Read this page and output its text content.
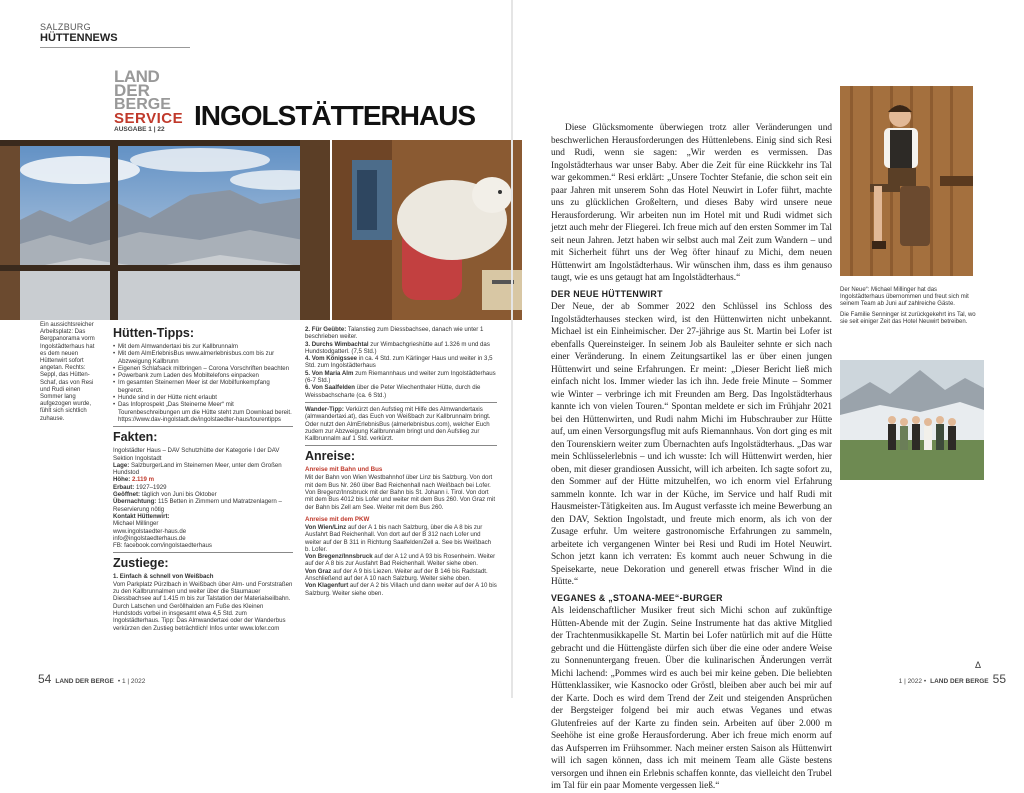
SALZBURG
HÜTTENNEWS
LAND
DER
BERGE
SERVICE
AUSGABE 1 | 22	INGOLSTÄTTERHAUS
Ein aussichtsreicher Arbeitsplatz: Das Bergpanorama vorm Ingolstädterhaus hat es dem neuen Hüttenwirt sofort angetan. Rechts: Seppl, das Hütten-Schaf, das von Resi und Rudi einen Sommer lang aufgezogen wurde, fühlt sich sichtlich zuhause.
Hütten-Tipps:
• Mit dem Almwandertaxi bis zur Kallbrunnalm
• Mit dem AlmErlebnisBus www.almerlebnisbus.com bis zur Abzweigung Kallbrunn
• Eigenen Schlafsack mitbringen – Corona Vorschriften beachten
• Powerbank zum Laden des Mobiltelefons einpacken
• Im gesamten Steinernen Meer ist der Mobilfunkempfang begrenzt.
• Hunde sind in der Hütte nicht erlaubt
• Das Infoprospekt „Das Steinerne Meer“ mit Tourenbeschreibungen um die Hütte steht zum Download bereit. https://www.dav-ingolstadt.de/ingolstaedter-haus/tourentipps
Fakten:
Ingolstädter Haus – DAV Schutzhütte der Kategorie I der DAV Sektion Ingolstadt
Lage: SalzburgerLand im Steinernen Meer, unter dem Großen Hundstod
Höhe: 2.119 m
Erbaut: 1927–1929
Geöffnet: täglich von Juni bis Oktober
Übernachtung: 115 Betten in Zimmern und Matratzenlagern – Reservierung nötig
Kontakt Hüttenwirt:
Michael Millinger
www.ingolstaedter-haus.de
info@ingolstaedterhaus.de
FB: facebook.com/ingolstaedterhaus
Zustiege:
1. Einfach & schnell von Weißbach
Vom Parkplatz Pürzlbach in Weißbach über Alm- und Forststraßen zu den Kallbrunnalmen und weiter über die Staumauer Diessbachsee auf 1.415 m bis zur Talstation der Materialseilbahn. Durch Latschen und Geröllhalden am Fuße des Kleinen Hundstods vorbei in insgesamt etwa 4,5 Std. zum Ingolstädterhaus. Tipp: Das Almwandertaxi oder der Wanderbus verkürzen den Zustieg beträchtlich! Infos unter www.lofer.com
2. Für Geübte: Talanstieg zum Diessbachsee, danach wie unter 1 beschrieben weiter.
3. Durchs Wimbachtal zur Wimbachgrieshütte auf 1.326 m und das Hundstodgatterl. (7,5 Std.)
4. Vom Königssee in ca. 4 Std. zum Kärlinger Haus und weiter in 3,5 Std. zum Ingolstädterhaus
5. Von Maria Alm zum Riemannhaus und weiter zum Ingolstädterhaus (6-7 Std.)
6. Von Saalfelden über die Peter Wiechenthaler Hütte, durch die Weissbachscharte (ca. 6 Std.)
Wander-Tipp: Verkürzt den Aufstieg mit Hilfe des Almwandertaxis (almwandertaxi.at), das Euch von Weißbach zur Kallbrunnalm bringt. Oder nutzt den AlmErlebnisBus (almerlebnisbus.com), welcher Euch zudem zur Abzweigung Kallbrunnalm bringt und den Aufstieg zur Kallbrunnalm auf 1 Std. verkürzt.
Anreise:
Anreise mit Bahn und Bus
Mit der Bahn von Wien Westbahnhof über Linz bis Salzburg. Von dort mit dem Bus Nr. 260 über Bad Reichenhall nach Weißbach bei Lofer. Von Bregenz/Innsbruck mit der Bahn bis St. Johann i. Tirol. Von dort mit dem Bus 4012 bis Lofer und weiter mit dem Bus 260. Von Graz mit der Bahn bis Zell am See. Weiter mit dem Bus 260.
Anreise mit dem PKW
Von Wien/Linz auf der A 1 bis nach Salzburg, über die A 8 bis zur Ausfahrt Bad Reichenhall. Von dort auf der B 312 nach Lofer und weiter auf der B 311 in Richtung Saalfelden/Zell a. See bis Weißbach b. Lofer.
Von Bregenz/Innsbruck auf der A 12 und A 93 bis Rosenheim. Weiter auf der A 8 bis zur Ausfahrt Bad Reichenhall. Weiter siehe oben.
Von Graz auf der A 9 bis Liezen. Weiter auf der B 146 bis Radstadt. Anschließend auf der A 10 nach Salzburg. Weiter siehe oben.
Von Klagenfurt auf der A 2 bis Villach und dann weiter auf der A 10 bis Salzburg. Weiter siehe oben.

Diese Glücksmomente überwiegen trotz aller Veränderungen und beschwerlichen Herausforderungen des Hüttenlebens. Einig sind sich Resi und Rudi, wenn sie sagen: „Wir werden es vermissen. Das Ingolstädterhaus war unser Baby. Aber die Zeit für eine Rückkehr ins Tal war gekommen.“ Resi erklärt: „Unsere Tochter Stefanie, die schon seit ein paar Jahren mit unserem Sohn das Hotel Neuwirt in Lofer führt, machte uns zu glücklichen Großeltern, und dieses Baby wird unsere neue Herausforderung. Wir arbeiten nun im Hotel mit und Rudi widmet sich jetzt auch mehr der Fliegerei. Ich freue mich auf den ersten Sommer im Tal seit neun Jahren. Jetzt haben wir selbst auch mal Zeit zum Wandern – und mit Sicherheit führt uns der Weg öfter hinauf zu Michi, dem neuen Hüttenwirt am Ingolstädterhaus. Wir wünschen ihm, dass es ihm genauso taugt, wie es uns getaugt hat am Ingolstädterhaus.“

DER NEUE HÜTTENWIRT

Der Neue, der ab Sommer 2022 den Schlüssel ins Schloss des Ingolstädterhauses stecken wird, ist den Hüttenwirten nicht unbekannt. Michael ist ein Einheimischer. Der 27-jährige aus St. Martin bei Lofer ist ebenfalls Quereinsteiger. In seinem Job als Bauleiter sehnte er sich nach einer Veränderung. In einem Zeitungsartikel las er über einen jungen Hüttenwirt und seine Erfahrungen. Er meint: „Dieser Bericht ließ mich einfach nicht los. Immer wieder las ich ihn. Jede freie Minute – Sommer wie Winter – verbringe ich mit Freunden am Berg. Das Ingolstädterhaus kannte ich von vielen Touren.“ Spontan meldete er sich im Frühjahr 2021 bei den Hüttenwirten, und Rudi nahm Michi im Hubschrauber zur Hütte auf, um einen Versorgungsflug mit aufs Riemannhaus. Von dort ging es mit den Tourenskiern weiter zum Übernachten aufs Ingolstädterhaus. „Das war mein Schlüsselerlebnis – und ich wusste: Ich will Hüttenwirt werden, hier oben, mit dieser grandiosen Aussicht, will ich arbeiten. Ich sagte sofort zu, den Sommer auf der Hütte mitzuhelfen, wo ich enorm viel Erfahrung sammeln konnte. Ich war in der Küche, im Service und half Rudi mit Hausmeister-Tätigkeiten aus. Im August verfasste ich meine Bewerbung an den DAV, Sektion Ingolstadt, und freute mich enorm, als ich von der Zusage erfuhr. Um weitere gastronomische Erfahrungen zu sammeln, arbeitete ich vergangenen Winter bei Resi und Rudi im Hotel Neuwirt. Schon jetzt kann ich verraten: Es kommt auch neuer Schwung in die Speisekarte, neue Dekoration und generell etwas frischer Wind in die Hütte.“

VEGANES & „STOANA-MEE“-BURGER

Als leidenschaftlicher Musiker freut sich Michi schon auf zukünftige Hütten-Abende mit der Zugin. Seine Instrumente hat das aktive Mitglied der Trachtenmusikkapelle St. Martin bei Lofer natürlich mit auf die Hütte gebracht und die Hüttengäste dürfen sich über die eine oder andere Weise zu Sonnenuntergang freuen. Über die kulinarischen Änderungen verrät Michi lachend: „Pommes wird es auch bei mir keine geben. Die beliebten Hüttenklassiker, wie Kasnocko oder Gröstl, bleiben aber auch bei mir auf der Karte. Doch es wird dem Trend der Zeit und steigenden Ansprüchen der Bergsteiger folgend bei mir auch etwas Veganes und etwas Glutenfreies auf der Karte zu finden sein. Arbeiten auf über 2.000 m Seehöhe ist eine große Herausforderung. Aber ich freue mich enorm auf das Aufsperren im Frühsommer. Nach meiner ersten Saison als Hüttenwirt will ich sagen können, dass ich mit meinem Team alle Gäste bestens versorgen und ihnen ein Erlebnis schaffen konnte, das vielleicht den Trubel im Tal für ein paar Momente vergessen ließ.“

Der Neue“: Michael Millinger hat das Ingolstädterhaus übernommen und freut sich mit seinem Team ab Juni auf zahlreiche Gäste.
Die Familie Senninger ist zurückgekehrt ins Tal, wo sie seit einiger Zeit das Hotel Neuwirt betreiben.
54 LAND DER BERGE • 1 | 2022	1 | 2022 • LAND DER BERGE 55
Δ
